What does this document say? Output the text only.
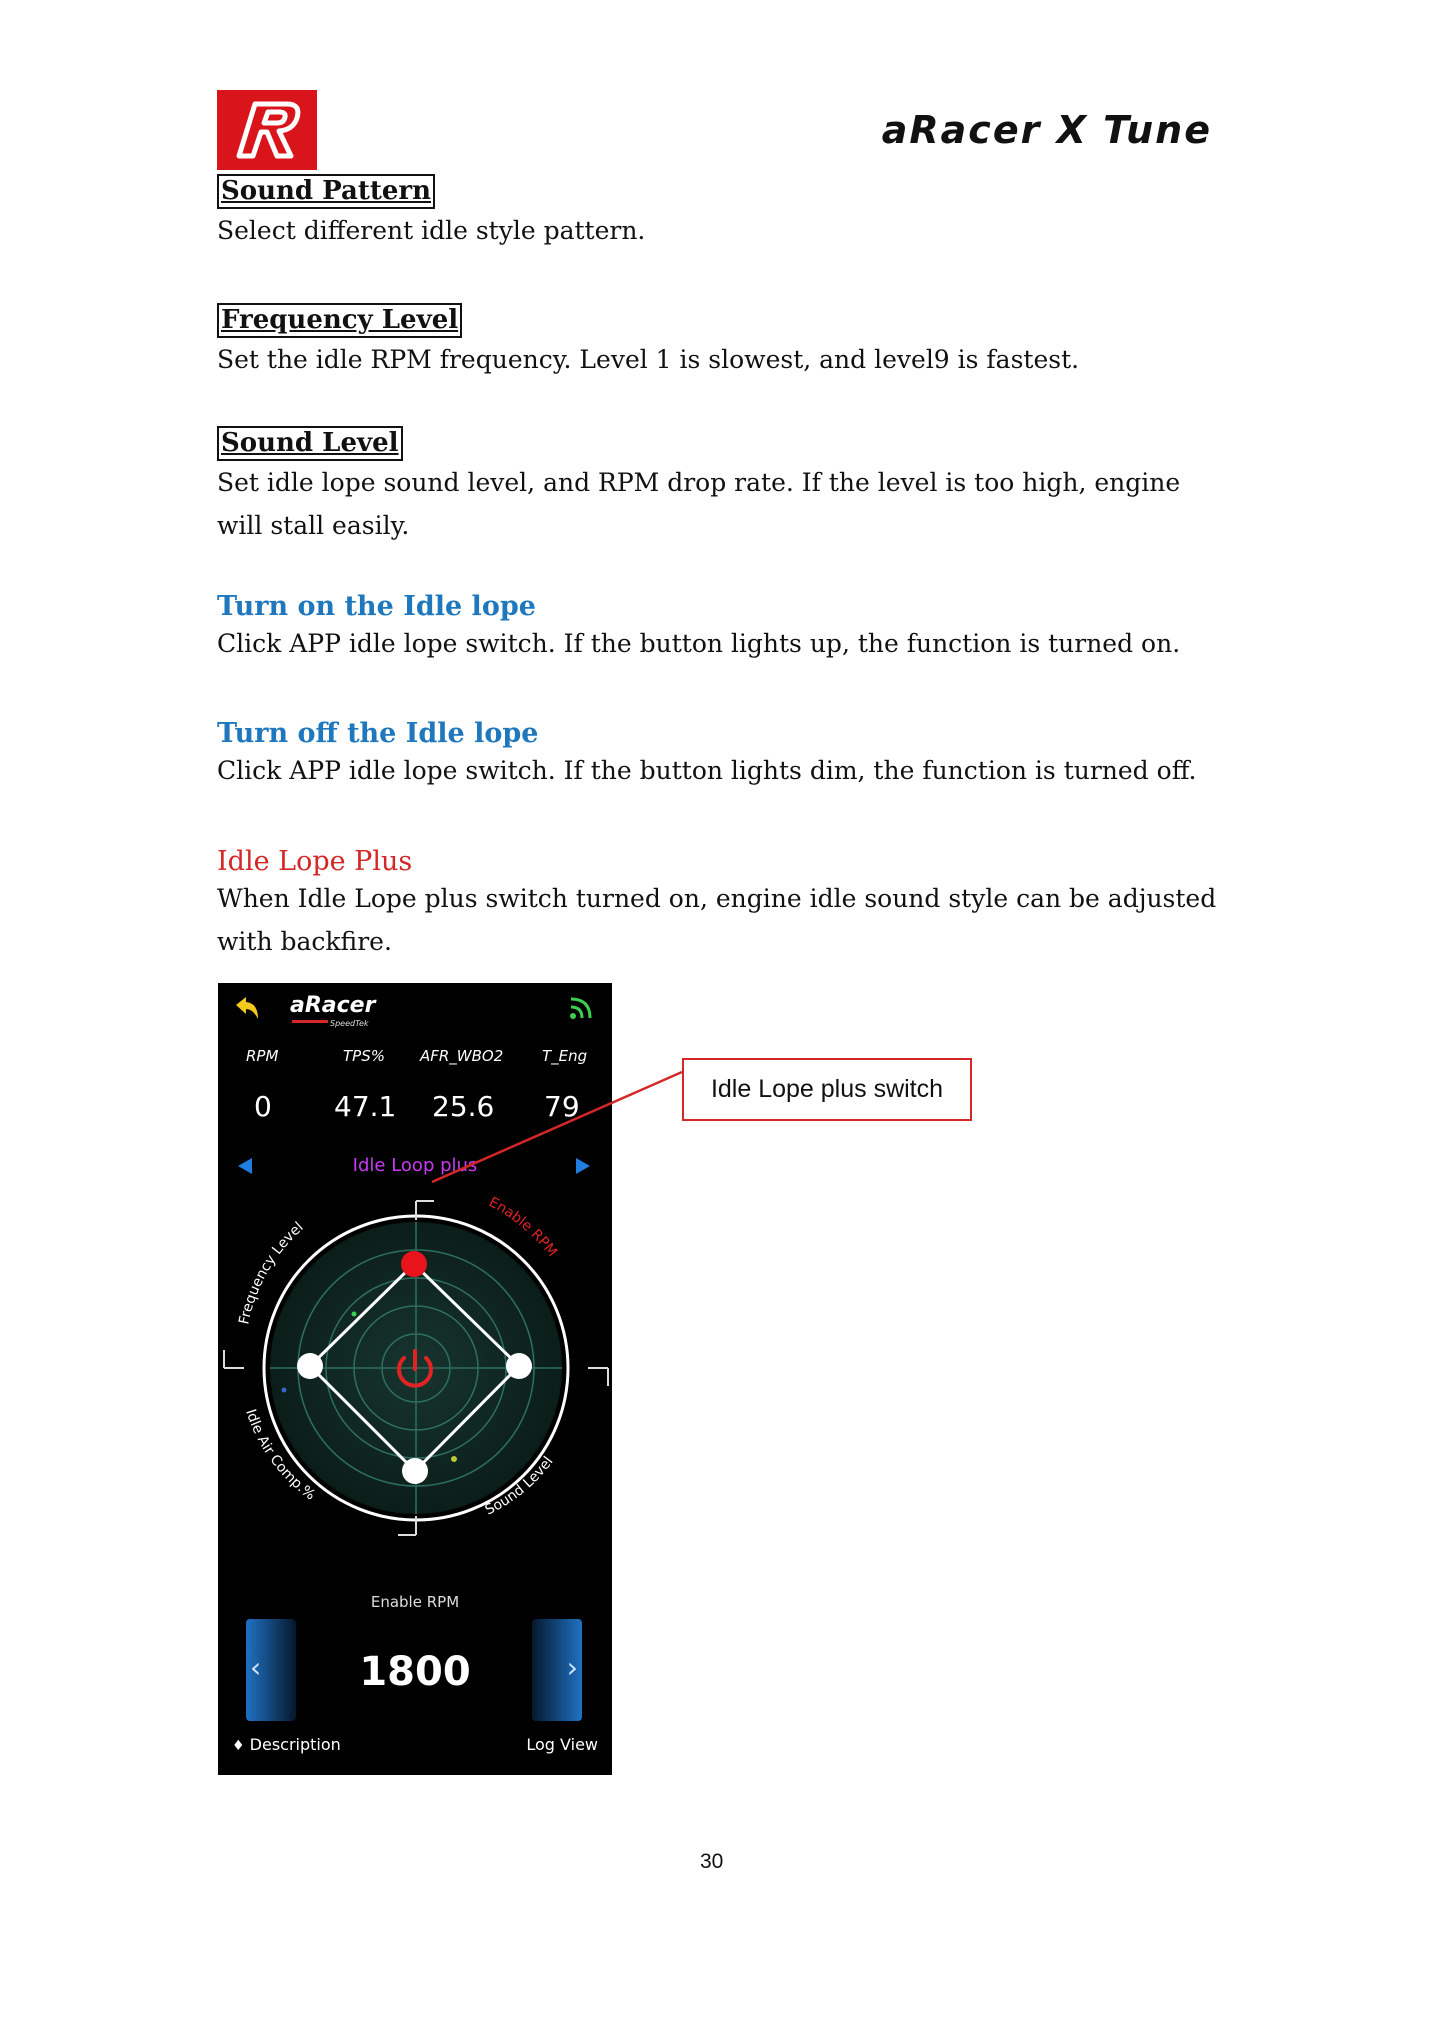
aRacer X Tune
Sound Pattern
Select different idle style pattern.
Frequency Level
Set the idle RPM frequency. Level 1 is slowest, and level9 is fastest.
Sound Level
Set idle lope sound level, and RPM drop rate. If the level is too high, engine will stall easily.
Turn on the Idle lope
Click APP idle lope switch. If the button lights up, the function is turned on.
Turn off the Idle lope
Click APP idle lope switch. If the button lights dim, the function is turned off.
Idle Lope Plus
When Idle Lope plus switch turned on, engine idle sound style can be adjusted with backfire.
aRacer
SpeedTek
RPM	TPS% AFR_WBO2	T_Eng
0 47.1 25.6 79
Idle Loop plus
Frequency Level
Enable RPM
Idle Air Comp.%
Sound Level
Enable RPM
‹	1800	›
♦ Description	Log View
Idle Lope plus switch
30
